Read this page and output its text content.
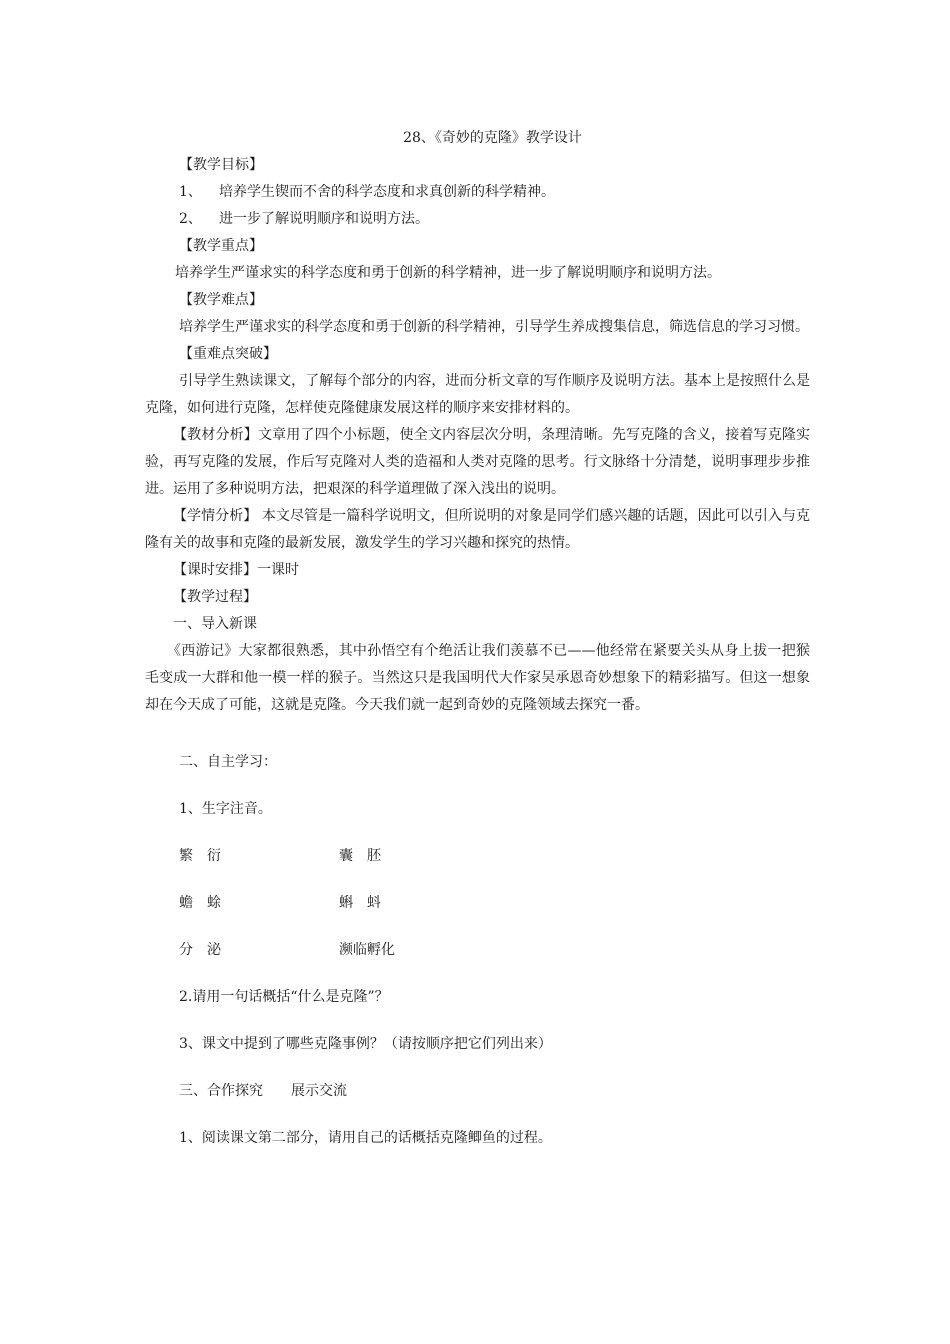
28、《奇妙的克隆》教学设计
【教学目标】
1、 培养学生锲而不舍的科学态度和求真创新的科学精神。
2、 进一步了解说明顺序和说明方法。
【教学重点】
培养学生严谨求实的科学态度和勇于创新的科学精神，进一步了解说明顺序和说明方法。
【教学难点】
培养学生严谨求实的科学态度和勇于创新的科学精神，引导学生养成搜集信息，筛选信息的学习习惯。
【重难点突破】
引导学生熟读课文，了解每个部分的内容，进而分析文章的写作顺序及说明方法。基本上是按照什么是克隆，如何进行克隆，怎样使克隆健康发展这样的顺序来安排材料的。
【教材分析】文章用了四个小标题，使全文内容层次分明，条理清晰。先写克隆的含义，接着写克隆实验，再写克隆的发展，作后写克隆对人类的造福和人类对克隆的思考。行文脉络十分清楚，说明事理步步推进。运用了多种说明方法，把艰深的科学道理做了深入浅出的说明。
【学情分析】 本文尽管是一篇科学说明文，但所说明的对象是同学们感兴趣的话题，因此可以引入与克隆有关的故事和克隆的最新发展，激发学生的学习兴趣和探究的热情。
【课时安排】一课时
【教学过程】
一、导入新课
《西游记》大家都很熟悉，其中孙悟空有个绝活让我们羡慕不已——他经常在紧要关头从身上拔一把猴毛变成一大群和他一模一样的猴子。当然这只是我国明代大作家吴承恩奇妙想象下的精彩描写。但这一想象却在今天成了可能，这就是克隆。今天我们就一起到奇妙的克隆领域去探究一番。
二、自主学习：
1、生字注音。
繁　衍	囊　胚
蟾　蜍	蝌　蚪
分　泌	濒临孵化
2.请用一句话概括“什么是克隆”？
3、课文中提到了哪些克隆事例？（请按顺序把它们列出来）
三、合作探究 展示交流
1、阅读课文第二部分，请用自己的话概括克隆鲫鱼的过程。
